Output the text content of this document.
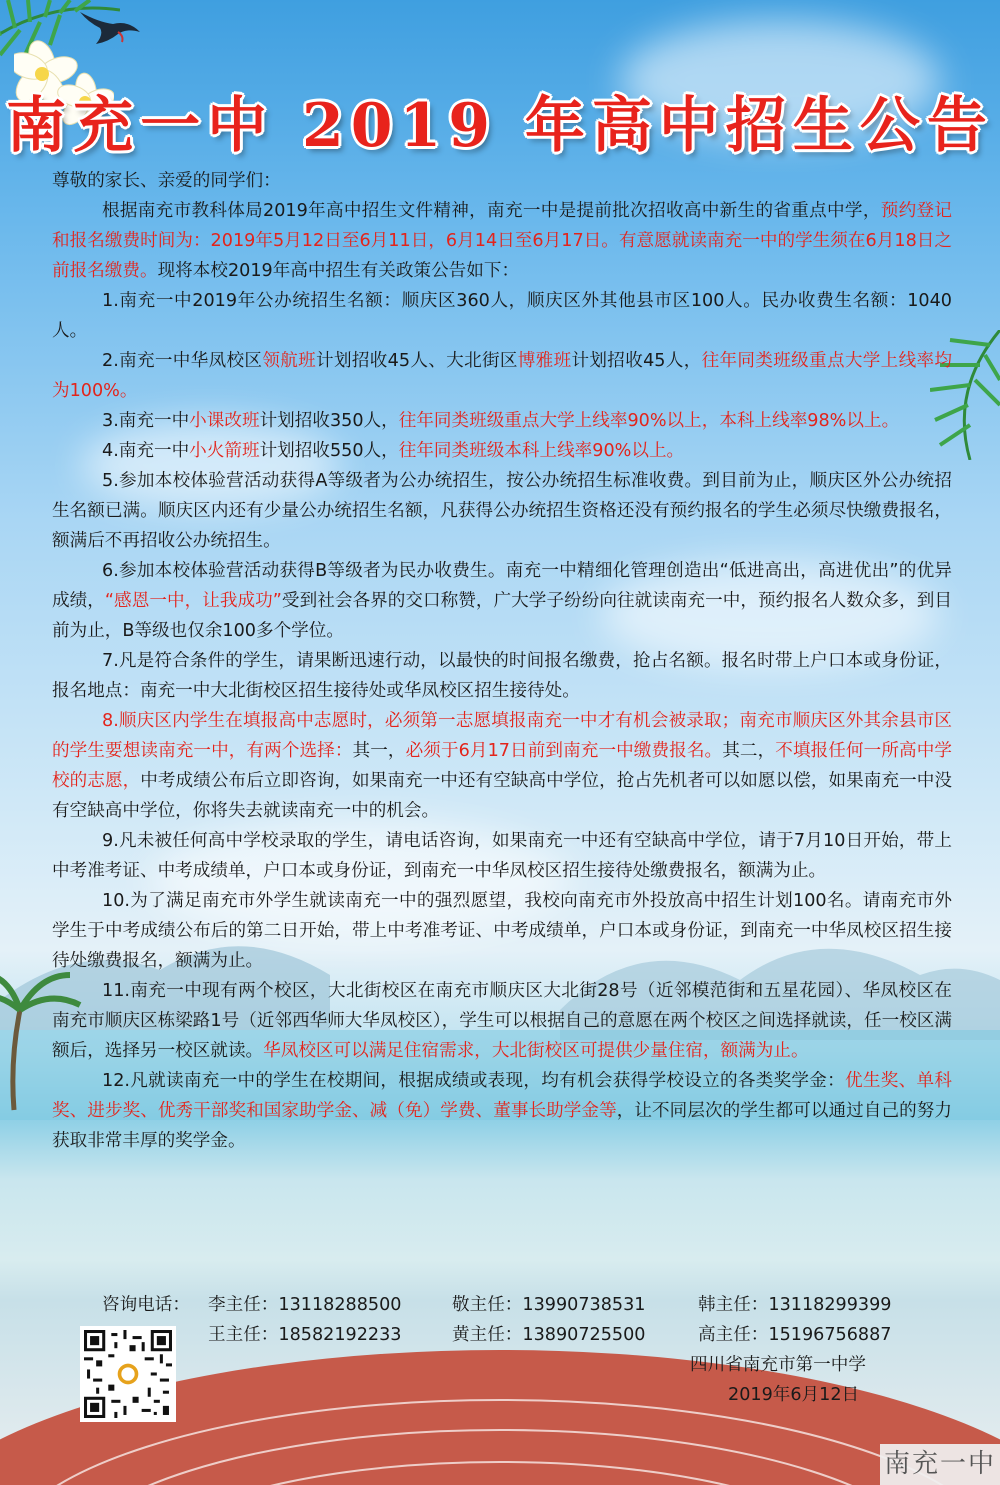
南充一中 2019 年高中招生公告

尊敬的家长、亲爱的同学们：

根据南充市教科体局2019年高中招生文件精神，南充一中是提前批次招收高中新生的省重点中学，预约登记和报名缴费时间为：2019年5月12日至6月11日，6月14日至6月17日。有意愿就读南充一中的学生须在6月18日之前报名缴费。现将本校2019年高中招生有关政策公告如下：

1.南充一中2019年公办统招生名额：顺庆区360人，顺庆区外其他县市区100人。民办收费生名额：1040人。

2.南充一中华凤校区领航班计划招收45人、大北街区博雅班计划招收45人，往年同类班级重点大学上线率均为100%。

3.南充一中小课改班计划招收350人，往年同类班级重点大学上线率90%以上，本科上线率98%以上。

4.南充一中小火箭班计划招收550人，往年同类班级本科上线率90%以上。

5.参加本校体验营活动获得A等级者为公办统招生，按公办统招生标准收费。到目前为止，顺庆区外公办统招生名额已满。顺庆区内还有少量公办统招生名额，凡获得公办统招生资格还没有预约报名的学生必须尽快缴费报名，额满后不再招收公办统招生。

6.参加本校体验营活动获得B等级者为民办收费生。南充一中精细化管理创造出“低进高出，高进优出”的优异成绩，“感恩一中，让我成功”受到社会各界的交口称赞，广大学子纷纷向往就读南充一中，预约报名人数众多，到目前为止，B等级也仅余100多个学位。

7.凡是符合条件的学生，请果断迅速行动，以最快的时间报名缴费，抢占名额。报名时带上户口本或身份证，报名地点：南充一中大北街校区招生接待处或华凤校区招生接待处。

8.顺庆区内学生在填报高中志愿时，必须第一志愿填报南充一中才有机会被录取；南充市顺庆区外其余县市区的学生要想读南充一中，有两个选择：其一，必须于6月17日前到南充一中缴费报名。其二，不填报任何一所高中学校的志愿，中考成绩公布后立即咨询，如果南充一中还有空缺高中学位，抢占先机者可以如愿以偿，如果南充一中没有空缺高中学位，你将失去就读南充一中的机会。

9.凡未被任何高中学校录取的学生，请电话咨询，如果南充一中还有空缺高中学位，请于7月10日开始，带上中考准考证、中考成绩单，户口本或身份证，到南充一中华凤校区招生接待处缴费报名，额满为止。

10.为了满足南充市外学生就读南充一中的强烈愿望，我校向南充市外投放高中招生计划100名。请南充市外学生于中考成绩公布后的第二日开始，带上中考准考证、中考成绩单，户口本或身份证，到南充一中华凤校区招生接待处缴费报名，额满为止。

11.南充一中现有两个校区，大北街校区在南充市顺庆区大北街28号（近邻模范街和五星花园）、华凤校区在南充市顺庆区栋梁路1号（近邻西华师大华凤校区），学生可以根据自己的意愿在两个校区之间选择就读，任一校区满额后，选择另一校区就读。华凤校区可以满足住宿需求，大北街校区可提供少量住宿，额满为止。

12.凡就读南充一中的学生在校期间，根据成绩或表现，均有机会获得学校设立的各类奖学金：优生奖、单科奖、进步奖、优秀干部奖和国家助学金、减（免）学费、董事长助学金等，让不同层次的学生都可以通过自己的努力获取非常丰厚的奖学金。

咨询电话： 李主任：13118288500	敬主任：13990738531	韩主任：13118299399
王主任：18582192233	黄主任：13890725500	高主任：15196756887
四川省南充市第一中学
2019年6月12日
南充一中
